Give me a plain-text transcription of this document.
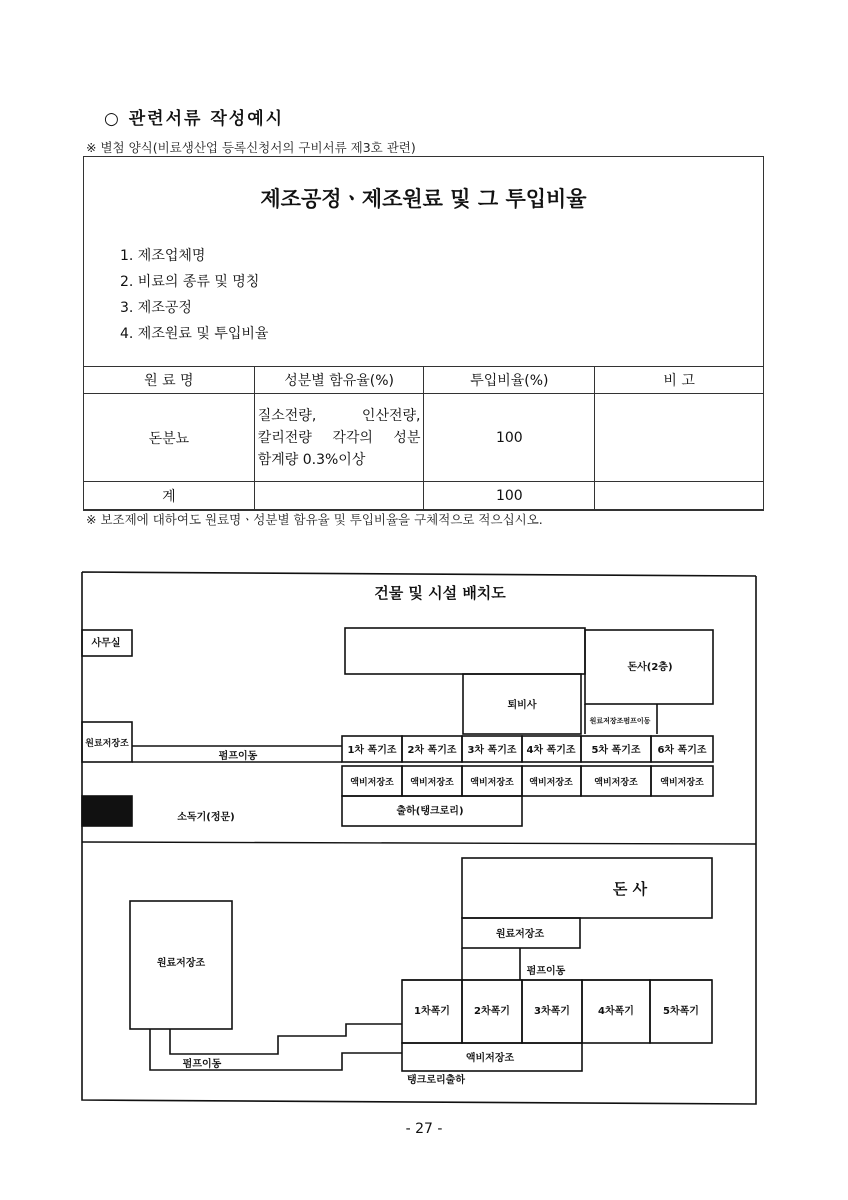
○ 관련서류 작성예시
※ 별첨 양식(비료생산업 등록신청서의 구비서류 제3호 관련)
제조공정ㆍ제조원료 및 그 투입비율
1. 제조업체명
2. 비료의 종류 및 명칭
3. 제조공정
4. 제조원료 및 투입비율
원 료 명	성분별 함유율(%)	투입비율(%)	비 고
돈분뇨	질소전량, 인산전량,
칼리전량 각각의 성분
함계량 0.3%이상	100	
계		100	
※ 보조제에 대하여도 원료명ㆍ성분별 함유율 및 투입비율을 구체적으로 적으십시오.
건물 및 시설 배치도
사무실
돈사(2층)
퇴비사
원료저장조펌프이동
원료저장조
펌프이동
1차 폭기조 2차 폭기조 3차 폭기조 4차 폭기조 5차 폭기조 6차 폭기조
액비저장조 액비저장조 액비저장조 액비저장조 액비저장조	액비저장조
출하(탱크로리)
소독기(정문)
돈 사
원료저장조
펌프이동
원료저장조
1차폭기 2차폭기 3차폭기	4차폭기	5차폭기
액비저장조
탱크로리출하
펌프이동
- 27 -
